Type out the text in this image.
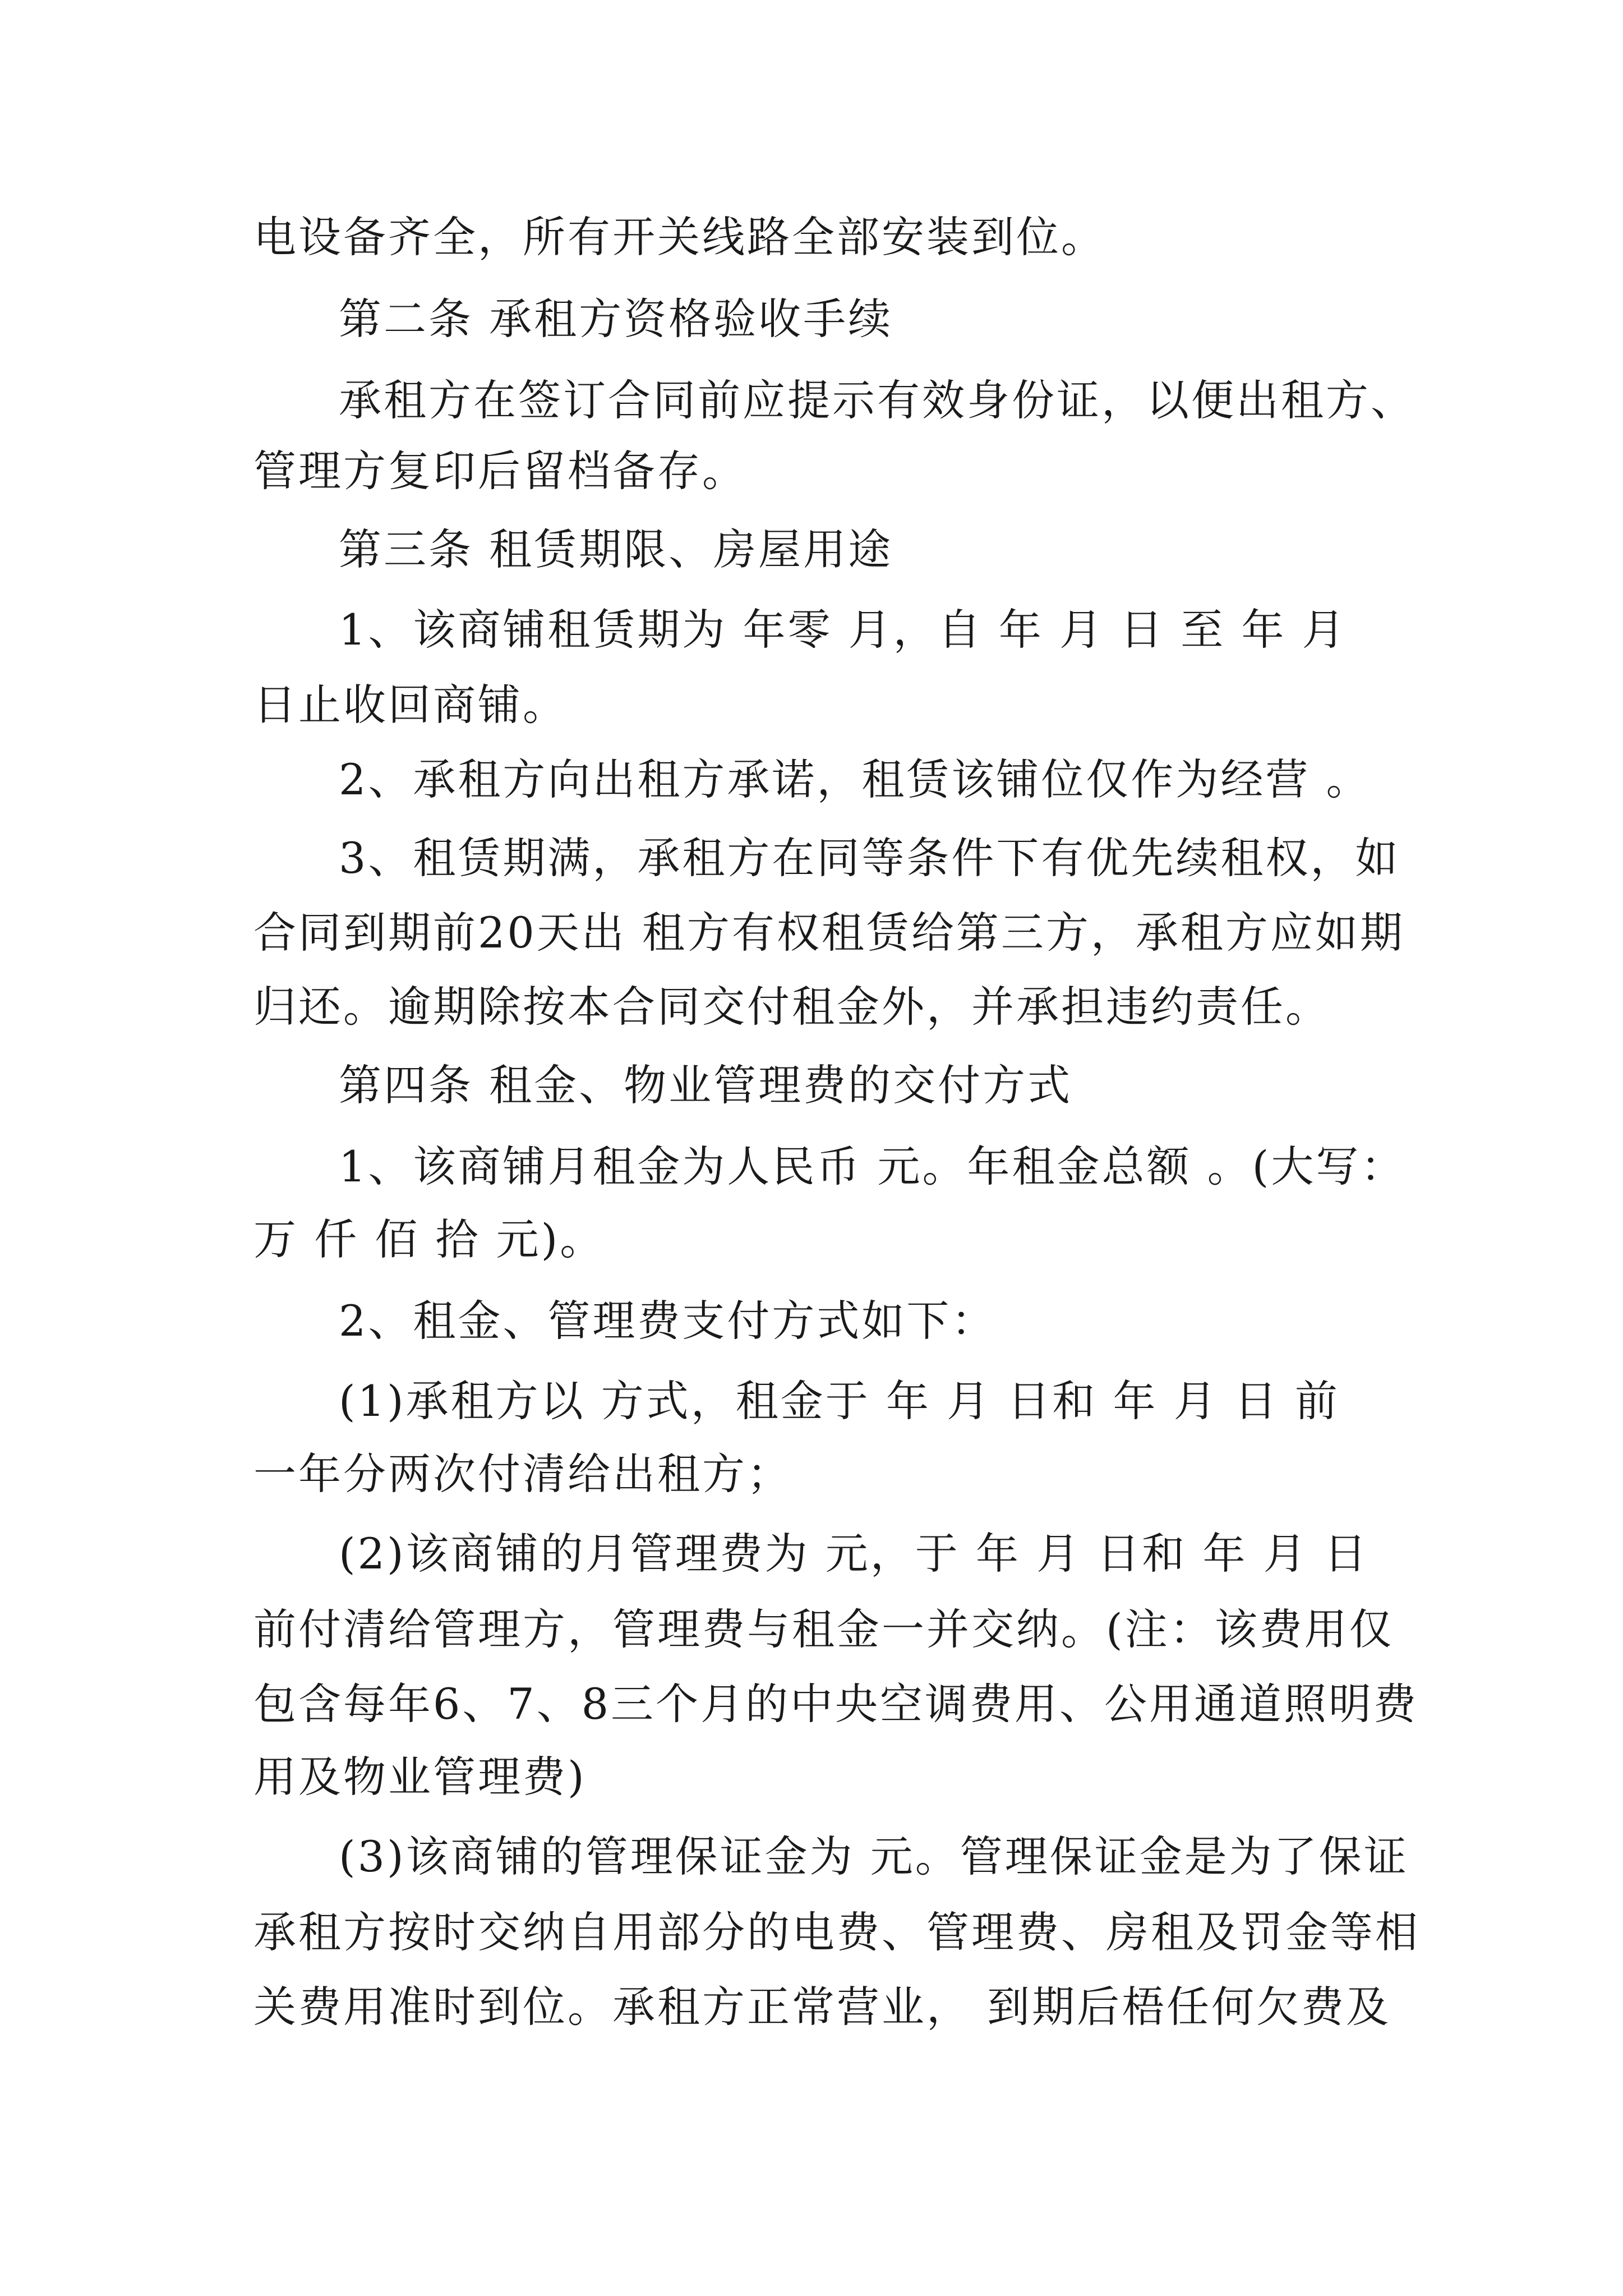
电设备齐全，所有开关线路全部安装到位。
第二条 承租方资格验收手续
承租方在签订合同前应提示有效身份证，以便出租方、
管理方复印后留档备存。
第三条 租赁期限、房屋用途
1、该商铺租赁期为 年零 月，自 年 月 日 至 年 月
日止收回商铺。
2、承租方向出租方承诺，租赁该铺位仅作为经营 。
3、租赁期满，承租方在同等条件下有优先续租权，如
合同到期前20天出 租方有权租赁给第三方，承租方应如期
归还。逾期除按本合同交付租金外，并承担违约责任。
第四条 租金、物业管理费的交付方式
1、该商铺月租金为人民币 元。年租金总额 。(大写：
万 仟 佰 拾 元)。
2、租金、管理费支付方式如下：
(1)承租方以 方式，租金于 年 月 日和 年 月 日 前
一年分两次付清给出租方；
(2)该商铺的月管理费为 元，于 年 月 日和 年 月 日
前付清给管理方，管理费与租金一并交纳。(注：该费用仅
包含每年6、7、8三个月的中央空调费用、公用通道照明费
用及物业管理费)
(3)该商铺的管理保证金为 元。管理保证金是为了保证
承租方按时交纳自用部分的电费、管理费、房租及罚金等相
关费用准时到位。承租方正常营业， 到期后梧任何欠费及
